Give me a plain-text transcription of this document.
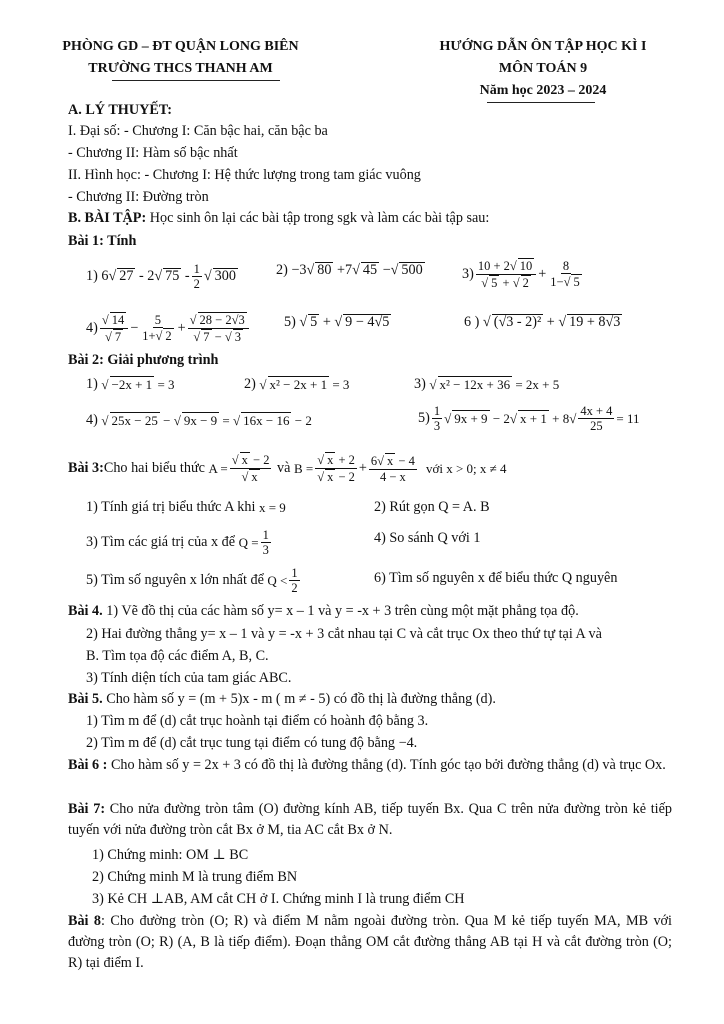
PHÒNG GD – ĐT QUẬN LONG BIÊN
TRƯỜNG THCS THANH AM
HƯỚNG DẪN ÔN TẬP HỌC KÌ I
MÔN TOÁN 9
Năm học 2023 – 2024
A. LÝ THUYẾT:
I. Đại số: - Chương I: Căn bậc hai, căn bậc ba
- Chương II: Hàm số bậc nhất
II. Hình học: - Chương I: Hệ thức lượng trong tam giác vuông
- Chương II: Đường tròn
B. BÀI TẬP: Học sinh ôn lại các bài tập trong sgk và làm các bài tập sau:
Bài 1: Tính
1)
6√ 27 - 2√ 75 - 1
2 √ 300	2)
−3√ 80 +7√ 45 −√ 500	3) 10 + 2√ 10
√ 5 + √ 2
+ $\frac{8}{1-√ 5}$
4) √ 14
√ 7
− $\frac{5}{1+√ 2} + \frac{√ 28 - 2√3}{√ 7 - √ 3} 5$)
√ 5 + √ 9 − 4√5	6 )
√ (√3 - 2)² + √ 19 + 8√3
Bài 2: Giải phương trình
1)
√ −2x + 1 = 3	2)
√ x² − 2x + 1 = 3	3)
√ x² − 12x + 36 = 2x + 5
4)
√ 25x − 25 − √ 9x − 9 = √ 16x − 16 − 2	5) 1
3 √ 9x + 9 − 2√ $x + 1 + 8√ \frac{4x + 4}{25} = 11$
Bài 3: Cho hai biểu thức
$A = \frac{√ x - 2}{√ x}$
và
$B = \frac{√ x + 2}{√ x - 2} + \frac{6√ x - 4}{4 - x}$
với x > 0; x ≠ 4
1) Tính giá trị biểu thức A khi
x = 9	2) Rút gọn Q = A. B
3) Tìm các giá trị của x để
$Q = \frac{1}{3}$	4) So sánh Q với 1
5) Tìm số nguyên x lớn nhất để
Q < 1
2
6) Tìm số nguyên x để biểu thức Q nguyên
Bài 4. 1) Vẽ đồ thị của các hàm số y= x – 1 và y = -x + 3 trên cùng một mặt phẳng tọa độ.
2) Hai đường thẳng y= x – 1 và y = -x + 3 cắt nhau tại C và cắt trục Ox theo thứ tự tại A và
B. Tìm tọa độ các điểm A, B, C.
3) Tính diện tích của tam giác ABC.
Bài 5. Cho hàm số y = (m + 5)x - m ( m ≠ - 5) có đồ thị là đường thẳng (d).
1) Tìm m để (d) cắt trục hoành tại điểm có hoành độ bằng 3.
2) Tìm m để (d) cắt trục tung tại điểm có tung độ bằng −4.
Bài 6 : Cho hàm số y = 2x + 3 có đồ thị là đường thẳng (d). Tính góc tạo bởi đường thẳng (d) và trục Ox.
Bài 7: Cho nửa đường tròn tâm (O) đường kính AB, tiếp tuyến Bx. Qua C trên nửa đường tròn kẻ tiếp tuyến với nửa đường tròn cắt Bx ở M, tia AC cắt Bx ở N.
1) Chứng minh: OM ⊥ BC
2) Chứng minh M là trung điểm BN
3) Kẻ CH ⊥AB, AM cắt CH ở I. Chứng minh I là trung điểm CH
Bài 8: Cho đường tròn (O; R) và điểm M nằm ngoài đường tròn. Qua M kẻ tiếp tuyến MA, MB với đường tròn (O; R) (A, B là tiếp điểm). Đoạn thẳng OM cắt đường thẳng AB tại H và cắt đường tròn (O; R) tại điểm I.
